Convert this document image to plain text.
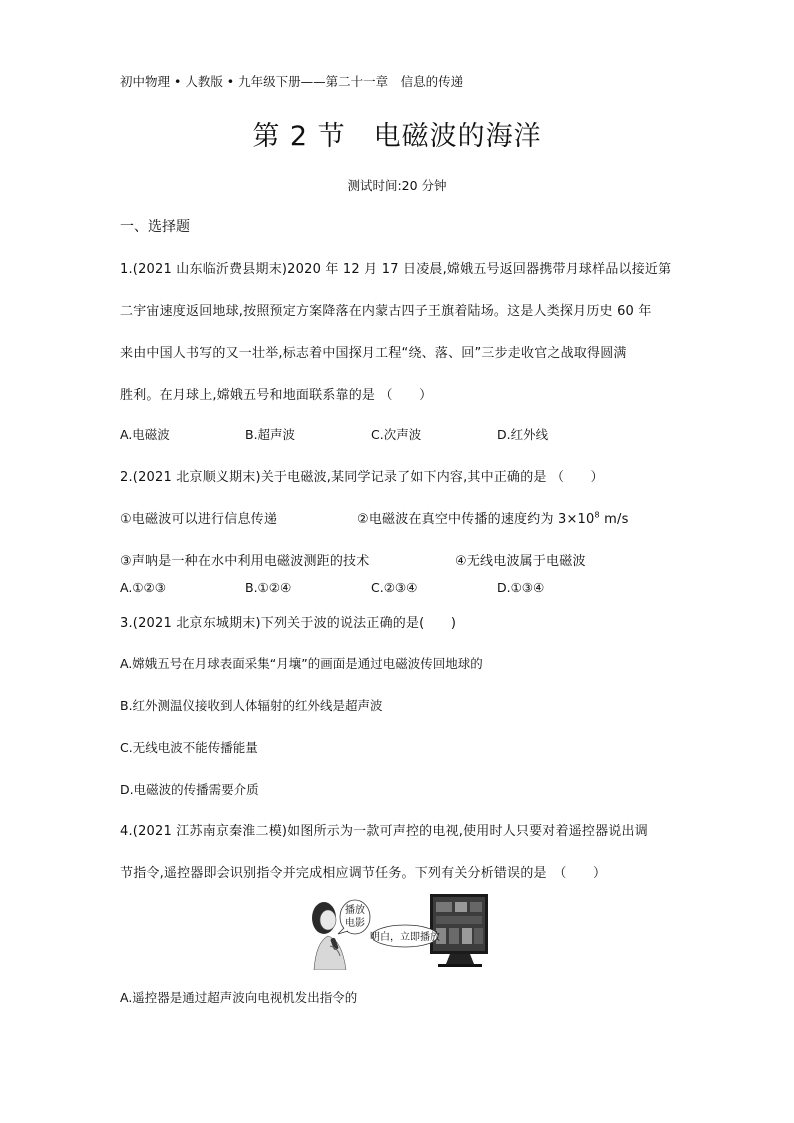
初中物理 • 人教版 • 九年级下册——第二十一章　信息的传递
第 2 节　电磁波的海洋
测试时间:20 分钟
一、选择题
1.(2021 山东临沂费县期末)2020 年 12 月 17 日凌晨,嫦娥五号返回器携带月球样品以接近第
二宇宙速度返回地球,按照预定方案降落在内蒙古四子王旗着陆场。这是人类探月历史 60 年
来由中国人书写的又一壮举,标志着中国探月工程“绕、落、回”三步走收官之战取得圆满
胜利。在月球上,嫦娥五号和地面联系靠的是 （　　）
A.电磁波	B.超声波	C.次声波	D.红外线
2.(2021 北京顺义期末)关于电磁波,某同学记录了如下内容,其中正确的是 （　　）
①电磁波可以进行信息传递	②电磁波在真空中传播的速度约为 $3\times 10^8$ m/s
③声呐是一种在水中利用电磁波测距的技术	④无线电波属于电磁波
A.①②③	B.①②④	C.②③④	D.①③④
3.(2021 北京东城期末)下列关于波的说法正确的是(　　)
A.嫦娥五号在月球表面采集“月壤”的画面是通过电磁波传回地球的
B.红外测温仪接收到人体辐射的红外线是超声波
C.无线电波不能传播能量
D.电磁波的传播需要介质
4.(2021 江苏南京秦淮二模)如图所示为一款可声控的电视,使用时人只要对着遥控器说出调
节指令,遥控器即会识别指令并完成相应调节任务。下列有关分析错误的是　（　　）
播放
电影
明白，立即播放
A.遥控器是通过超声波向电视机发出指令的
